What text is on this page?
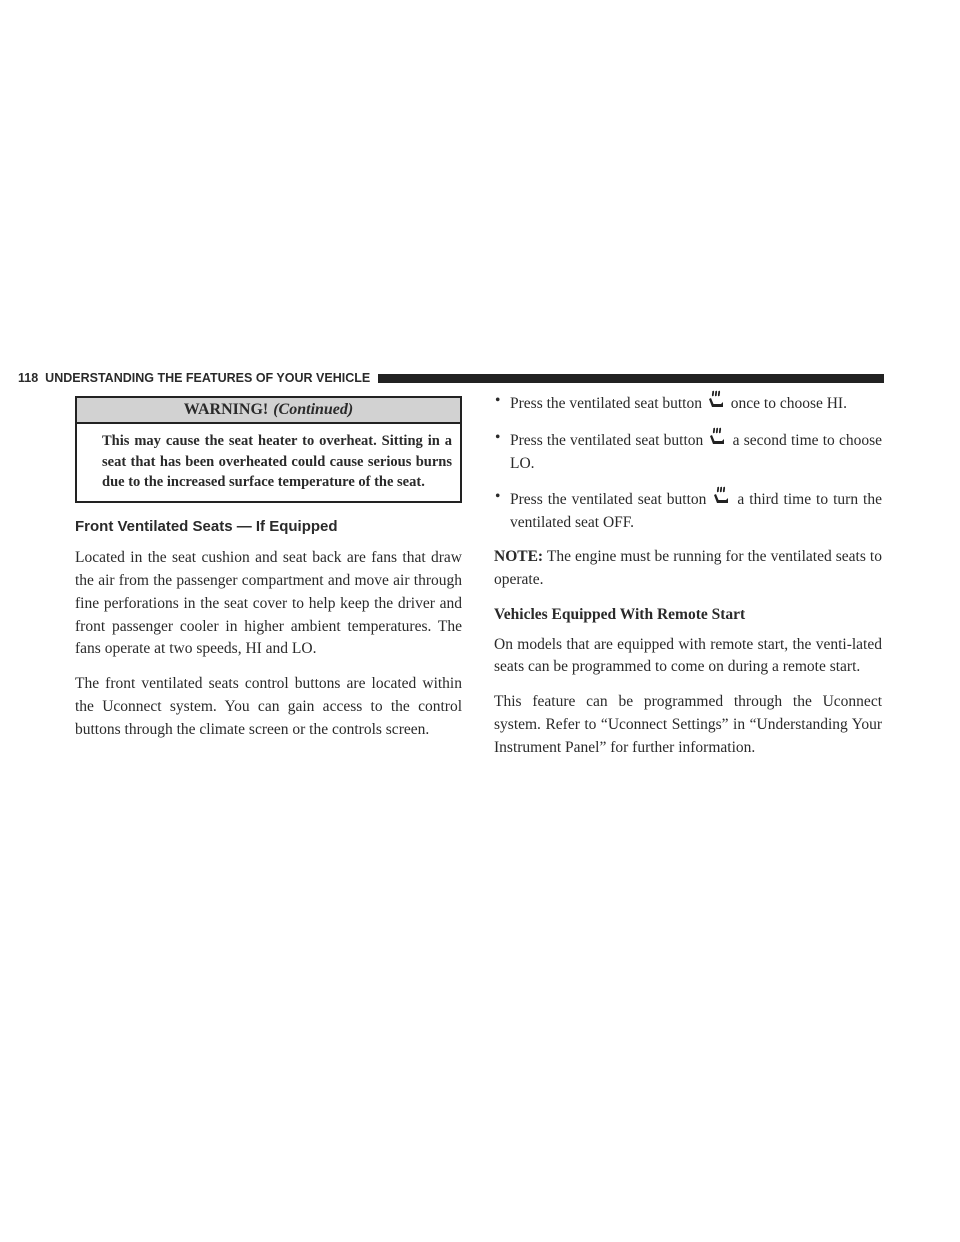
118 UNDERSTANDING THE FEATURES OF YOUR VEHICLE
WARNING! (Continued)
This may cause the seat heater to overheat. Sitting in a seat that has been overheated could cause serious burns due to the increased surface temperature of the seat.
Front Ventilated Seats — If Equipped

Located in the seat cushion and seat back are fans that draw the air from the passenger compartment and move air through fine perforations in the seat cover to help keep the driver and front passenger cooler in higher ambient temperatures. The fans operate at two speeds, HI and LO.

The front ventilated seats control buttons are located within the Uconnect system. You can gain access to the control buttons through the climate screen or the controls screen.

• Press the ventilated seat button once to choose HI.
• Press the ventilated seat button a second time to choose LO.
• Press the ventilated seat button a third time to turn the ventilated seat OFF.

NOTE: The engine must be running for the ventilated seats to operate.

Vehicles Equipped With Remote Start

On models that are equipped with remote start, the venti-lated seats can be programmed to come on during a remote start.

This feature can be programmed through the Uconnect system. Refer to “Uconnect Settings” in “Understanding Your Instrument Panel” for further information.
